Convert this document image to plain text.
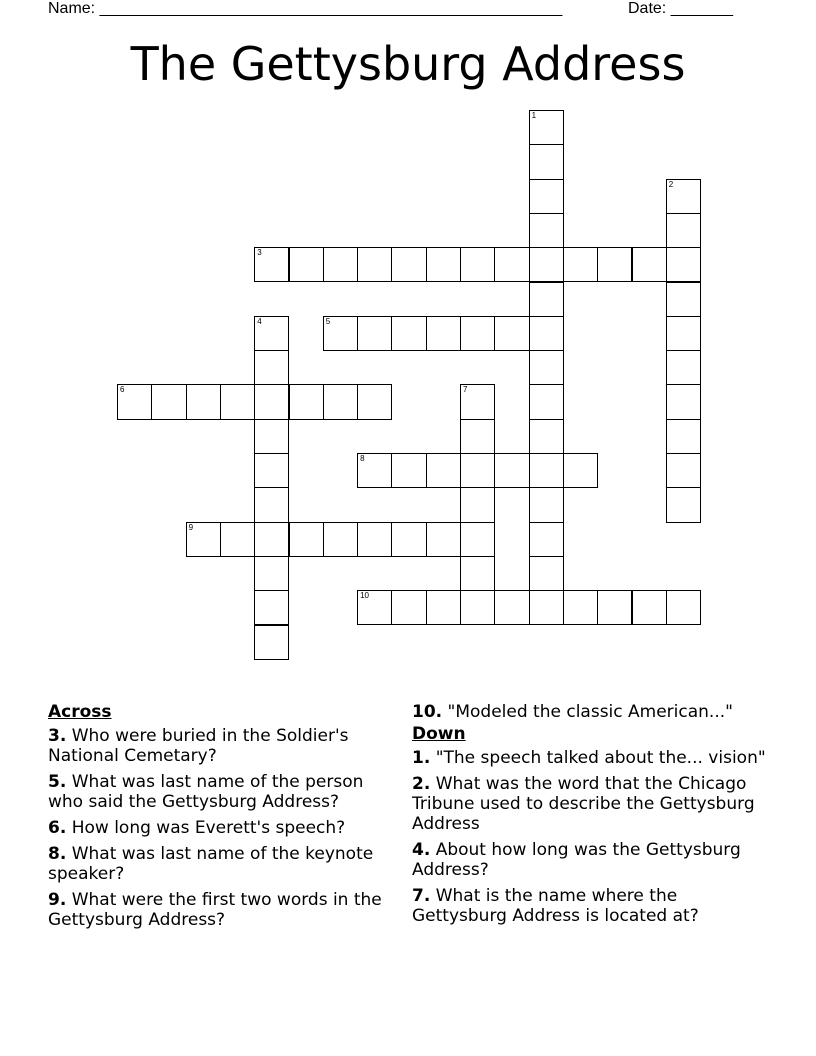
Name: ____________________________________________________	Date: _______
The Gettysburg Address
1
2
3
4	5
6	7
8
9
10
Across
3. Who were buried in the Soldier's National Cemetary?
5. What was last name of the person who said the Gettysburg Address?
6. How long was Everett's speech?
8. What was last name of the keynote speaker?
9. What were the first two words in the Gettysburg Address?
10. "Modeled the classic American..."
Down
1. "The speech talked about the... vision"
2. What was the word that the Chicago Tribune used to describe the Gettysburg Address
4. About how long was the Gettysburg Address?
7. What is the name where the Gettysburg Address is located at?
